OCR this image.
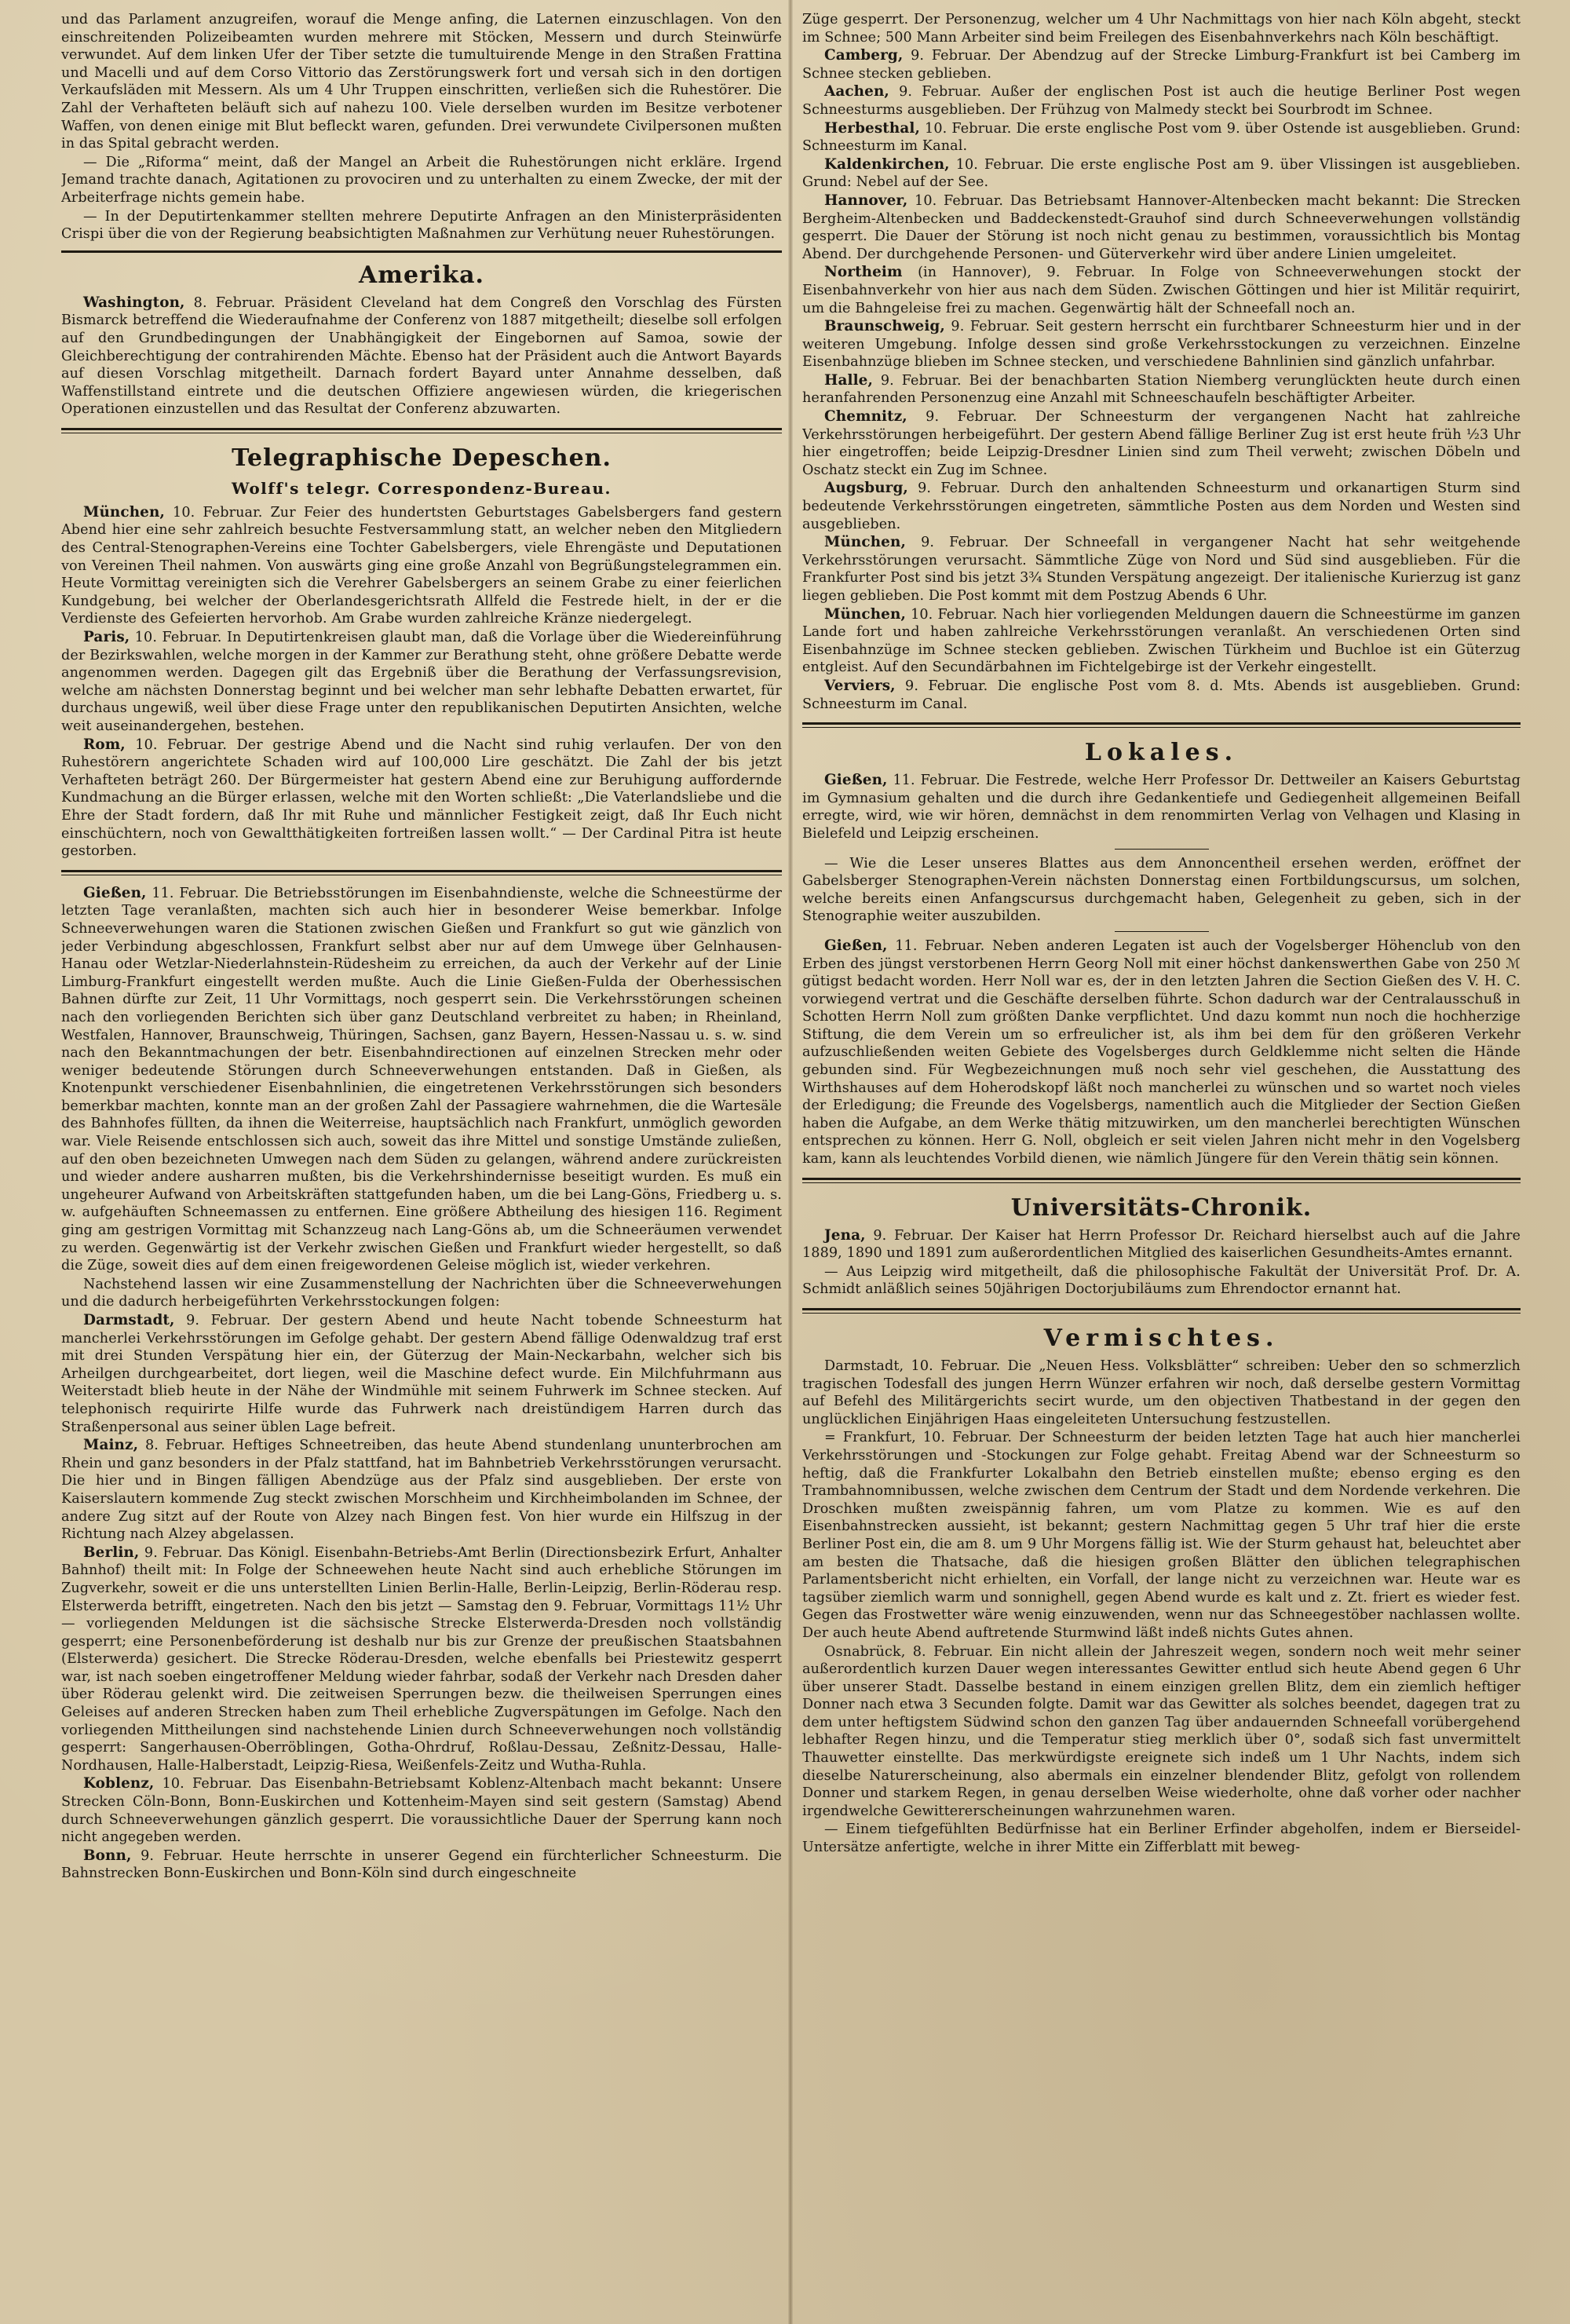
und das Parlament anzugreifen, worauf die Menge anfing, die Laternen einzuschlagen. Von den einschreitenden Polizeibeamten wurden mehrere mit Stöcken, Messern und durch Steinwürfe verwundet. Auf dem linken Ufer der Tiber setzte die tumultuirende Menge in den Straßen Frattina und Macelli und auf dem Corso Vittorio das Zerstörungswerk fort und versah sich in den dortigen Verkaufsläden mit Messern. Als um 4 Uhr Truppen einschritten, verließen sich die Ruhestörer. Die Zahl der Verhafteten beläuft sich auf nahezu 100. Viele derselben wurden im Besitze verbotener Waffen, von denen einige mit Blut befleckt waren, gefunden. Drei verwundete Civilpersonen mußten in das Spital gebracht werden.

— Die „Riforma“ meint, daß der Mangel an Arbeit die Ruhestörungen nicht erkläre. Irgend Jemand trachte danach, Agitationen zu provociren und zu unterhalten zu einem Zwecke, der mit der Arbeiterfrage nichts gemein habe.

— In der Deputirtenkammer stellten mehrere Deputirte Anfragen an den Ministerpräsidenten Crispi über die von der Regierung beabsichtigten Maßnahmen zur Verhütung neuer Ruhestörungen.

Amerika.

Washington, 8. Februar. Präsident Cleveland hat dem Congreß den Vorschlag des Fürsten Bismarck betreffend die Wiederaufnahme der Conferenz von 1887 mitgetheilt; dieselbe soll erfolgen auf den Grundbedingungen der Unabhängigkeit der Eingebornen auf Samoa, sowie der Gleichberechtigung der contrahirenden Mächte. Ebenso hat der Präsident auch die Antwort Bayards auf diesen Vorschlag mitgetheilt. Darnach fordert Bayard unter Annahme desselben, daß Waffenstillstand eintrete und die deutschen Offiziere angewiesen würden, die kriegerischen Operationen einzustellen und das Resultat der Conferenz abzuwarten.

Telegraphische Depeschen.
Wolff's telegr. Correspondenz-Bureau.

München, 10. Februar. Zur Feier des hundertsten Geburtstages Gabelsbergers fand gestern Abend hier eine sehr zahlreich besuchte Festversammlung statt, an welcher neben den Mitgliedern des Central-Stenographen-Vereins eine Tochter Gabelsbergers, viele Ehrengäste und Deputationen von Vereinen Theil nahmen. Von auswärts ging eine große Anzahl von Begrüßungstelegrammen ein. Heute Vormittag vereinigten sich die Verehrer Gabelsbergers an seinem Grabe zu einer feierlichen Kundgebung, bei welcher der Oberlandesgerichtsrath Allfeld die Festrede hielt, in der er die Verdienste des Gefeierten hervorhob. Am Grabe wurden zahlreiche Kränze niedergelegt.

Paris, 10. Februar. In Deputirtenkreisen glaubt man, daß die Vorlage über die Wiedereinführung der Bezirkswahlen, welche morgen in der Kammer zur Berathung steht, ohne größere Debatte werde angenommen werden. Dagegen gilt das Ergebniß über die Berathung der Verfassungsrevision, welche am nächsten Donnerstag beginnt und bei welcher man sehr lebhafte Debatten erwartet, für durchaus ungewiß, weil über diese Frage unter den republikanischen Deputirten Ansichten, welche weit auseinandergehen, bestehen.

Rom, 10. Februar. Der gestrige Abend und die Nacht sind ruhig verlaufen. Der von den Ruhestörern angerichtete Schaden wird auf 100,000 Lire geschätzt. Die Zahl der bis jetzt Verhafteten beträgt 260. Der Bürgermeister hat gestern Abend eine zur Beruhigung auffordernde Kundmachung an die Bürger erlassen, welche mit den Worten schließt: „Die Vaterlandsliebe und die Ehre der Stadt fordern, daß Ihr mit Ruhe und männlicher Festigkeit zeigt, daß Ihr Euch nicht einschüchtern, noch von Gewaltthätigkeiten fortreißen lassen wollt.“ — Der Cardinal Pitra ist heute gestorben.

Gießen, 11. Februar. Die Betriebsstörungen im Eisenbahndienste, welche die Schneestürme der letzten Tage veranlaßten, machten sich auch hier in besonderer Weise bemerkbar. Infolge Schneeverwehungen waren die Stationen zwischen Gießen und Frankfurt so gut wie gänzlich von jeder Verbindung abgeschlossen, Frankfurt selbst aber nur auf dem Umwege über Gelnhausen-Hanau oder Wetzlar-Niederlahnstein-Rüdesheim zu erreichen, da auch der Verkehr auf der Linie Limburg-Frankfurt eingestellt werden mußte. Auch die Linie Gießen-Fulda der Oberhessischen Bahnen dürfte zur Zeit, 11 Uhr Vormittags, noch gesperrt sein. Die Verkehrsstörungen scheinen nach den vorliegenden Berichten sich über ganz Deutschland verbreitet zu haben; in Rheinland, Westfalen, Hannover, Braunschweig, Thüringen, Sachsen, ganz Bayern, Hessen-Nassau u. s. w. sind nach den Bekanntmachungen der betr. Eisenbahndirectionen auf einzelnen Strecken mehr oder weniger bedeutende Störungen durch Schneeverwehungen entstanden. Daß in Gießen, als Knotenpunkt verschiedener Eisenbahnlinien, die eingetretenen Verkehrsstörungen sich besonders bemerkbar machten, konnte man an der großen Zahl der Passagiere wahrnehmen, die die Wartesäle des Bahnhofes füllten, da ihnen die Weiterreise, hauptsächlich nach Frankfurt, unmöglich geworden war. Viele Reisende entschlossen sich auch, soweit das ihre Mittel und sonstige Umstände zuließen, auf den oben bezeichneten Umwegen nach dem Süden zu gelangen, während andere zurückreisten und wieder andere ausharren mußten, bis die Verkehrshindernisse beseitigt wurden. Es muß ein ungeheurer Aufwand von Arbeitskräften stattgefunden haben, um die bei Lang-Göns, Friedberg u. s. w. aufgehäuften Schneemassen zu entfernen. Eine größere Abtheilung des hiesigen 116. Regiment ging am gestrigen Vormittag mit Schanzzeug nach Lang-Göns ab, um die Schneeräumen verwendet zu werden. Gegenwärtig ist der Verkehr zwischen Gießen und Frankfurt wieder hergestellt, so daß die Züge, soweit dies auf dem einen freigewordenen Geleise möglich ist, wieder verkehren.

Nachstehend lassen wir eine Zusammenstellung der Nachrichten über die Schneeverwehungen und die dadurch herbeigeführten Verkehrsstockungen folgen:

Darmstadt, 9. Februar. Der gestern Abend und heute Nacht tobende Schneesturm hat mancherlei Verkehrsstörungen im Gefolge gehabt. Der gestern Abend fällige Odenwaldzug traf erst mit drei Stunden Verspätung hier ein, der Güterzug der Main-Neckarbahn, welcher sich bis Arheilgen durchgearbeitet, dort liegen, weil die Maschine defect wurde. Ein Milchfuhrmann aus Weiterstadt blieb heute in der Nähe der Windmühle mit seinem Fuhrwerk im Schnee stecken. Auf telephonisch requirirte Hilfe wurde das Fuhrwerk nach dreistündigem Harren durch das Straßenpersonal aus seiner üblen Lage befreit.

Mainz, 8. Februar. Heftiges Schneetreiben, das heute Abend stundenlang ununterbrochen am Rhein und ganz besonders in der Pfalz stattfand, hat im Bahnbetrieb Verkehrsstörungen verursacht. Die hier und in Bingen fälligen Abendzüge aus der Pfalz sind ausgeblieben. Der erste von Kaiserslautern kommende Zug steckt zwischen Morschheim und Kirchheimbolanden im Schnee, der andere Zug sitzt auf der Route von Alzey nach Bingen fest. Von hier wurde ein Hilfszug in der Richtung nach Alzey abgelassen.

Berlin, 9. Februar. Das Königl. Eisenbahn-Betriebs-Amt Berlin (Directionsbezirk Erfurt, Anhalter Bahnhof) theilt mit: In Folge der Schneewehen heute Nacht sind auch erhebliche Störungen im Zugverkehr, soweit er die uns unterstellten Linien Berlin-Halle, Berlin-Leipzig, Berlin-Röderau resp. Elsterwerda betrifft, eingetreten. Nach den bis jetzt — Samstag den 9. Februar, Vormittags 11½ Uhr — vorliegenden Meldungen ist die sächsische Strecke Elsterwerda-Dresden noch vollständig gesperrt; eine Personenbeförderung ist deshalb nur bis zur Grenze der preußischen Staatsbahnen (Elsterwerda) gesichert. Die Strecke Röderau-Dresden, welche ebenfalls bei Priestewitz gesperrt war, ist nach soeben eingetroffener Meldung wieder fahrbar, sodaß der Verkehr nach Dresden daher über Röderau gelenkt wird. Die zeitweisen Sperrungen bezw. die theilweisen Sperrungen eines Geleises auf anderen Strecken haben zum Theil erhebliche Zugverspätungen im Gefolge. Nach den vorliegenden Mittheilungen sind nachstehende Linien durch Schneeverwehungen noch vollständig gesperrt: Sangerhausen-Oberröblingen, Gotha-Ohrdruf, Roßlau-Dessau, Zeßnitz-Dessau, Halle-Nordhausen, Halle-Halberstadt, Leipzig-Riesa, Weißenfels-Zeitz und Wutha-Ruhla.

Koblenz, 10. Februar. Das Eisenbahn-Betriebsamt Koblenz-Altenbach macht bekannt: Unsere Strecken Cöln-Bonn, Bonn-Euskirchen und Kottenheim-Mayen sind seit gestern (Samstag) Abend durch Schneeverwehungen gänzlich gesperrt. Die voraussichtliche Dauer der Sperrung kann noch nicht angegeben werden.

Bonn, 9. Februar. Heute herrschte in unserer Gegend ein fürchterlicher Schneesturm. Die Bahnstrecken Bonn-Euskirchen und Bonn-Köln sind durch eingeschneite

Züge gesperrt. Der Personenzug, welcher um 4 Uhr Nachmittags von hier nach Köln abgeht, steckt im Schnee; 500 Mann Arbeiter sind beim Freilegen des Eisenbahnverkehrs nach Köln beschäftigt.

Camberg, 9. Februar. Der Abendzug auf der Strecke Limburg-Frankfurt ist bei Camberg im Schnee stecken geblieben.

Aachen, 9. Februar. Außer der englischen Post ist auch die heutige Berliner Post wegen Schneesturms ausgeblieben. Der Frühzug von Malmedy steckt bei Sourbrodt im Schnee.

Herbesthal, 10. Februar. Die erste englische Post vom 9. über Ostende ist ausgeblieben. Grund: Schneesturm im Kanal.

Kaldenkirchen, 10. Februar. Die erste englische Post am 9. über Vlissingen ist ausgeblieben. Grund: Nebel auf der See.

Hannover, 10. Februar. Das Betriebsamt Hannover-Altenbecken macht bekannt: Die Strecken Bergheim-Altenbecken und Baddeckenstedt-Grauhof sind durch Schneeverwehungen vollständig gesperrt. Die Dauer der Störung ist noch nicht genau zu bestimmen, voraussichtlich bis Montag Abend. Der durchgehende Personen- und Güterverkehr wird über andere Linien umgeleitet.

Northeim (in Hannover), 9. Februar. In Folge von Schneeverwehungen stockt der Eisenbahnverkehr von hier aus nach dem Süden. Zwischen Göttingen und hier ist Militär requirirt, um die Bahngeleise frei zu machen. Gegenwärtig hält der Schneefall noch an.

Braunschweig, 9. Februar. Seit gestern herrscht ein furchtbarer Schneesturm hier und in der weiteren Umgebung. Infolge dessen sind große Verkehrsstockungen zu verzeichnen. Einzelne Eisenbahnzüge blieben im Schnee stecken, und verschiedene Bahnlinien sind gänzlich unfahrbar.

Halle, 9. Februar. Bei der benachbarten Station Niemberg verunglückten heute durch einen heranfahrenden Personenzug eine Anzahl mit Schneeschaufeln beschäftigter Arbeiter.

Chemnitz, 9. Februar. Der Schneesturm der vergangenen Nacht hat zahlreiche Verkehrsstörungen herbeigeführt. Der gestern Abend fällige Berliner Zug ist erst heute früh ½3 Uhr hier eingetroffen; beide Leipzig-Dresdner Linien sind zum Theil verweht; zwischen Döbeln und Oschatz steckt ein Zug im Schnee.

Augsburg, 9. Februar. Durch den anhaltenden Schneesturm und orkanartigen Sturm sind bedeutende Verkehrsstörungen eingetreten, sämmtliche Posten aus dem Norden und Westen sind ausgeblieben.

München, 9. Februar. Der Schneefall in vergangener Nacht hat sehr weitgehende Verkehrsstörungen verursacht. Sämmtliche Züge von Nord und Süd sind ausgeblieben. Für die Frankfurter Post sind bis jetzt 3¾ Stunden Verspätung angezeigt. Der italienische Kurierzug ist ganz liegen geblieben. Die Post kommt mit dem Postzug Abends 6 Uhr.

München, 10. Februar. Nach hier vorliegenden Meldungen dauern die Schneestürme im ganzen Lande fort und haben zahlreiche Verkehrsstörungen veranlaßt. An verschiedenen Orten sind Eisenbahnzüge im Schnee stecken geblieben. Zwischen Türkheim und Buchloe ist ein Güterzug entgleist. Auf den Secundärbahnen im Fichtelgebirge ist der Verkehr eingestellt.

Verviers, 9. Februar. Die englische Post vom 8. d. Mts. Abends ist ausgeblieben. Grund: Schneesturm im Canal.

Lokales.

Gießen, 11. Februar. Die Festrede, welche Herr Professor Dr. Dettweiler an Kaisers Geburtstag im Gymnasium gehalten und die durch ihre Gedankentiefe und Gediegenheit allgemeinen Beifall erregte, wird, wie wir hören, demnächst in dem renommirten Verlag von Velhagen und Klasing in Bielefeld und Leipzig erscheinen.

— Wie die Leser unseres Blattes aus dem Annoncentheil ersehen werden, eröffnet der Gabelsberger Stenographen-Verein nächsten Donnerstag einen Fortbildungscursus, um solchen, welche bereits einen Anfangscursus durchgemacht haben, Gelegenheit zu geben, sich in der Stenographie weiter auszubilden.

Gießen, 11. Februar. Neben anderen Legaten ist auch der Vogelsberger Höhenclub von den Erben des jüngst verstorbenen Herrn Georg Noll mit einer höchst dankenswerthen Gabe von 250 ℳ gütigst bedacht worden. Herr Noll war es, der in den letzten Jahren die Section Gießen des V. H. C. vorwiegend vertrat und die Geschäfte derselben führte. Schon dadurch war der Centralausschuß in Schotten Herrn Noll zum größten Danke verpflichtet. Und dazu kommt nun noch die hochherzige Stiftung, die dem Verein um so erfreulicher ist, als ihm bei dem für den größeren Verkehr aufzuschließenden weiten Gebiete des Vogelsberges durch Geldklemme nicht selten die Hände gebunden sind. Für Wegbezeichnungen muß noch sehr viel geschehen, die Ausstattung des Wirthshauses auf dem Hoherodskopf läßt noch mancherlei zu wünschen und so wartet noch vieles der Erledigung; die Freunde des Vogelsbergs, namentlich auch die Mitglieder der Section Gießen haben die Aufgabe, an dem Werke thätig mitzuwirken, um den mancherlei berechtigten Wünschen entsprechen zu können. Herr G. Noll, obgleich er seit vielen Jahren nicht mehr in den Vogelsberg kam, kann als leuchtendes Vorbild dienen, wie nämlich Jüngere für den Verein thätig sein können.

Universitäts-Chronik.

Jena, 9. Februar. Der Kaiser hat Herrn Professor Dr. Reichard hierselbst auch auf die Jahre 1889, 1890 und 1891 zum außerordentlichen Mitglied des kaiserlichen Gesundheits-Amtes ernannt.

— Aus Leipzig wird mitgetheilt, daß die philosophische Fakultät der Universität Prof. Dr. A. Schmidt anläßlich seines 50jährigen Doctorjubiläums zum Ehrendoctor ernannt hat.

Vermischtes.

Darmstadt, 10. Februar. Die „Neuen Hess. Volksblätter“ schreiben: Ueber den so schmerzlich tragischen Todesfall des jungen Herrn Wünzer erfahren wir noch, daß derselbe gestern Vormittag auf Befehl des Militärgerichts secirt wurde, um den objectiven Thatbestand in der gegen den unglücklichen Einjährigen Haas eingeleiteten Untersuchung festzustellen.

= Frankfurt, 10. Februar. Der Schneesturm der beiden letzten Tage hat auch hier mancherlei Verkehrsstörungen und -Stockungen zur Folge gehabt. Freitag Abend war der Schneesturm so heftig, daß die Frankfurter Lokalbahn den Betrieb einstellen mußte; ebenso erging es den Trambahnomnibussen, welche zwischen dem Centrum der Stadt und dem Nordende verkehren. Die Droschken mußten zweispännig fahren, um vom Platze zu kommen. Wie es auf den Eisenbahnstrecken aussieht, ist bekannt; gestern Nachmittag gegen 5 Uhr traf hier die erste Berliner Post ein, die am 8. um 9 Uhr Morgens fällig ist. Wie der Sturm gehaust hat, beleuchtet aber am besten die Thatsache, daß die hiesigen großen Blätter den üblichen telegraphischen Parlamentsbericht nicht erhielten, ein Vorfall, der lange nicht zu verzeichnen war. Heute war es tagsüber ziemlich warm und sonnighell, gegen Abend wurde es kalt und z. Zt. friert es wieder fest. Gegen das Frostwetter wäre wenig einzuwenden, wenn nur das Schneegestöber nachlassen wollte. Der auch heute Abend auftretende Sturmwind läßt indeß nichts Gutes ahnen.

Osnabrück, 8. Februar. Ein nicht allein der Jahreszeit wegen, sondern noch weit mehr seiner außerordentlich kurzen Dauer wegen interessantes Gewitter entlud sich heute Abend gegen 6 Uhr über unserer Stadt. Dasselbe bestand in einem einzigen grellen Blitz, dem ein ziemlich heftiger Donner nach etwa 3 Secunden folgte. Damit war das Gewitter als solches beendet, dagegen trat zu dem unter heftigstem Südwind schon den ganzen Tag über andauernden Schneefall vorübergehend lebhafter Regen hinzu, und die Temperatur stieg merklich über 0°, sodaß sich fast unvermittelt Thauwetter einstellte. Das merkwürdigste ereignete sich indeß um 1 Uhr Nachts, indem sich dieselbe Naturerscheinung, also abermals ein einzelner blendender Blitz, gefolgt von rollendem Donner und starkem Regen, in genau derselben Weise wiederholte, ohne daß vorher oder nachher irgendwelche Gewittererscheinungen wahrzunehmen waren.

— Einem tiefgefühlten Bedürfnisse hat ein Berliner Erfinder abgeholfen, indem er Bierseidel-Untersätze anfertigte, welche in ihrer Mitte ein Zifferblatt mit beweg-
